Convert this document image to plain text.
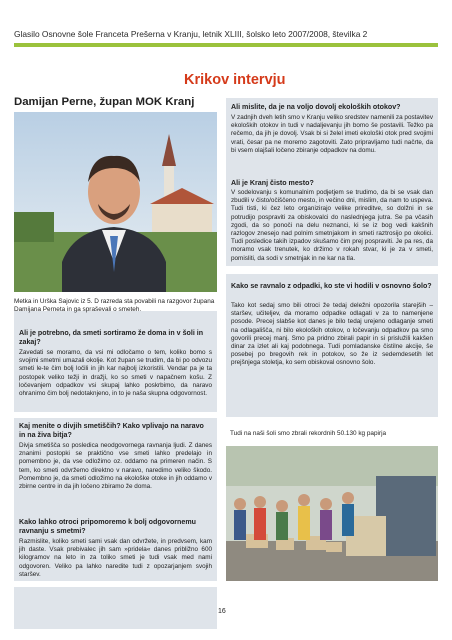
Glasilo Osnovne šole Franceta Prešerna v Kranju, letnik XLIII, šolsko leto 2007/2008, številka 2
Krikov intervju
Damijan Perne, župan MOK Kranj	Ali mislite, da je na voljo dovolj ekoloških otokov?

V zadnjih dveh letih smo v Kranju veliko sredstev namenili za postavitev ekoloških otokov in tudi v nadaljevanju jih bomo še postavili. Težko pa rečemo, da jih je dovolj. Vsak bi si želel imeti ekološki otok pred svojimi vrati, česar pa ne moremo zagotoviti. Zato pripravljamo tudi načrte, da bi vsem olajšali ločeno zbiranje odpadkov na domu.

Ali je Kranj čisto mesto?

V sodelovanju s komunalnim podjetjem se trudimo, da bi se vsak dan zbudili v čisto/očiščeno mesto, in večino dni, mislim, da nam to uspeva. Tudi tisti, ki čez leto organizirajo velike prireditve, so dolžni in se potrudijo pospraviti za obiskovalci do naslednjega jutra. Se pa včasih zgodi, da so ponoči na delu neznanci, ki se iz bog vedi kakšnih razlogov znesejo nad polnim smetnjakom in smeti raztrosijo po okolici. Tudi posledice takih izpadov skušamo čim prej pospraviti. Je pa res, da moramo vsak trenutek, ko držimo v rokah stvar, ki je za v smeti, pomisliti, da sodi v smetnjak in ne kar na tla.

Metka in Urška Sajovic iz 5. D razreda sta povabili na razgovor župana Damijana Perneta in ga spraševali o smeteh.
Kako se ravnalo z odpadki, ko ste vi hodili v osnovno šolo?

Tako kot sedaj smo bili otroci že tedaj deležni opozorila starejših – staršev, učiteljev, da moramo odpadke odlagati v za to namenjene posode. Precej slabše kot danes je bilo tedaj urejeno odlaganje smeti na odlagališča, ni bilo ekoloških otokov, o ločevanju odpadkov pa smo govorili precej manj. Smo pa pridno zbirali papir in si prislužili kakšen dinar za izlet ali kaj podobnega. Tudi pomladanske čistilne akcije, še posebej po bregovih rek in potokov, so že iz sedemdesetih let prejšnjega stoletja, ko sem obiskoval osnovno šolo.

Ali je potrebno, da smeti sortiramo že doma in v šoli in zakaj?

Zavedati se moramo, da vsi mi odločamo o tem, koliko bomo s svojimi smetmi umazali okolje. Kot župan se trudim, da bi po odvozu smeti le-te čim bolj ločili in jih kar najbolj izkoristili. Vendar pa je ta postopek veliko težji in dražji, ko so smeti v napačnem košu. Z ločevanjem odpadkov vsi skupaj lahko poskrbimo, da naravo ohranimo čim bolj nedotaknjeno, in to je naša skupna odgovornost.

Kaj menite o divjih smetiščih? Kako vplivajo na naravo in na živa bitja?

Divja smetišča so posledica neodgovornega ravnanja ljudi. Z danes znanimi postopki se praktično vse smeti lahko predelajo in pomembno je, da vse odložimo oz. oddamo na primeren način. S tem, ko smeti odvržemo direktno v naravo, naredimo veliko škodo. Pomembno je, da smeti odložimo na ekološke otoke in jih oddamo v zbirne centre in da jih ločeno zbiramo že doma.

Kako lahko otroci pripomoremo k bolj odgovornemu ravnanju s smetmi?

Razmislite, koliko smeti sami vsak dan odvržete, in predvsem, kam jih daste. Vsak prebivalec jih sam »pridela« danes približno 600 kilogramov na leto in za toliko smeti je tudi vsak med nami odgovoren. Veliko pa lahko naredite tudi z opozarjanjem svojih staršev.

Tudi na naši šoli smo zbrali rekordnih 50.130 kg papirja
16
